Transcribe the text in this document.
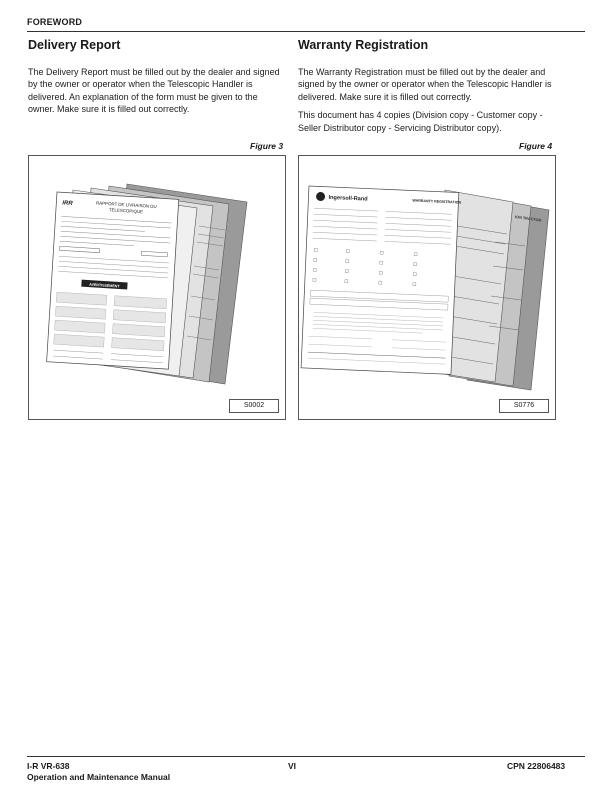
FOREWORD
Delivery Report

The Delivery Report must be filled out by the dealer and signed by the owner or operator when the Telescopic Handler is delivered. An explanation of the form must be given to the owner. Make sure it is filled out correctly.

Warranty Registration

The Warranty Registration must be filled out by the dealer and signed by the owner or operator when the Telescopic Handler is delivered. Make sure it is filled out correctly.

This document has 4 copies (Division copy - Customer copy - Seller Distributor copy - Servicing Distributor copy).

Figure 3	Figure 4
IRR	RAPPORT DE LIVRAISON DU
TELESCOPIQUE
AVERTISSEMENT
S0002
ION TRACTOR
Ingersoll-Rand	WARRANTY REGISTRATION
S0776
I-R VR-638
Operation and Maintenance Manual
VI	CPN 22806483
